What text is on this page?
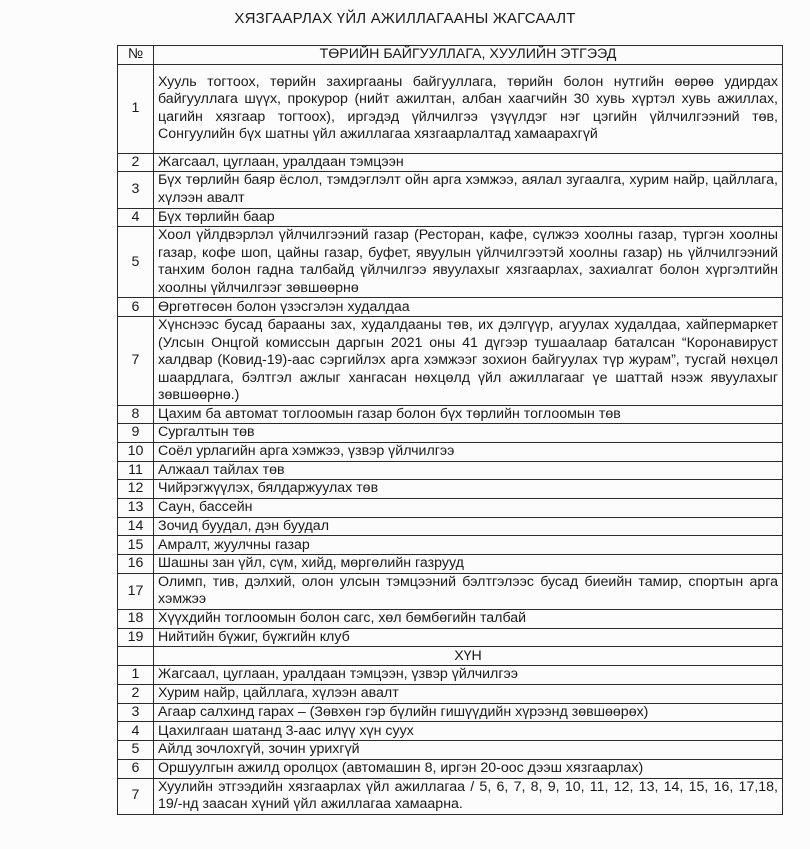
ХЯЗГААРЛАХ ҮЙЛ АЖИЛЛАГААНЫ ЖАГСААЛТ
№	ТӨРИЙН БАЙГУУЛЛАГА, ХУУЛИЙН ЭТГЭЭД
1	Хууль тогтоох, төрийн захиргааны байгууллага, төрийн болон нутгийн өөрөө удирдах байгууллага шүүх, прокурор (нийт ажилтан, албан хаагчийн 30 хувь хүртэл хувь ажиллах, цагийн хязгаар тогтоох), иргэдэд үйлчилгээ үзүүлдэг нэг цэгийн үйлчилгээний төв, Сонгуулийн бүх шатны үйл ажиллагаа хязгаарлалтад хамаарахгүй
2	Жагсаал, цуглаан, уралдаан тэмцээн
3	Бүх төрлийн баяр ёслол, тэмдэглэлт ойн арга хэмжээ, аялал зугаалга, хурим найр, цайллага, хүлээн авалт
4	Бүх төрлийн баар
5	Хоол үйлдвэрлэл үйлчилгээний газар (Ресторан, кафе, сүлжээ хоолны газар, түргэн хоолны газар, кофе шоп, цайны газар, буфет, явуулын үйлчилгээтэй хоолны газар) нь үйлчилгээний танхим болон гадна талбайд үйлчилгээ явуулахыг хязгаарлах, захиалгат болон хүргэлтийн хоолны үйлчилгээг зөвшөөрнө
6	Өргөтгөсөн болон үзэсгэлэн худалдаа
7	Хүнснээс бусад барааны зах, худалдааны төв, их дэлгүүр, агуулах худалдаа, хайпермаркет (Улсын Онцгой комиссын даргын 2021 оны 41 дүгээр тушаалаар баталсан “Коронавируст халдвар (Ковид-19)-аас сэргийлэх арга хэмжээг зохион байгуулах түр журам”, тусгай нөхцөл шаардлага, бэлтгэл ажлыг хангасан нөхцөлд үйл ажиллагааг үе шаттай нээж явуулахыг зөвшөөрнө.)
8	Цахим ба автомат тоглоомын газар болон бүх төрлийн тоглоомын төв
9	Сургалтын төв
10	Соёл урлагийн арга хэмжээ, үзвэр үйлчилгээ
11	Алжаал тайлах төв
12	Чийрэгжүүлэх, бялдаржуулах төв
13	Саун, бассейн
14	Зочид буудал, дэн буудал
15	Амралт, жуулчны газар
16	Шашны зан үйл, сүм, хийд, мөргөлийн газрууд
17	Олимп, тив, дэлхий, олон улсын тэмцээний бэлтгэлээс бусад биеийн тамир, спортын арга хэмжээ
18	Хүүхдийн тоглоомын болон сагс, хөл бөмбөгийн талбай
19	Нийтийн бүжиг, бүжгийн клуб
	ХҮН
1	Жагсаал, цуглаан, уралдаан тэмцээн, үзвэр үйлчилгээ
2	Хурим найр, цайллага, хүлээн авалт
3	Агаар салхинд гарах – (Зөвхөн гэр бүлийн гишүүдийн хүрээнд зөвшөөрөх)
4	Цахилгаан шатанд 3-аас илүү хүн суух
5	Айлд зочлохгүй, зочин урихгүй
6	Оршуулгын ажилд оролцох (автомашин 8, иргэн 20-оос дээш хязгаарлах)
7	Хуулийн этгээдийн хязгаарлах үйл ажиллагаа / 5, 6, 7, 8, 9, 10, 11, 12, 13, 14, 15, 16, 17,18, 19/-нд заасан хүний үйл ажиллагаа хамаарна.
